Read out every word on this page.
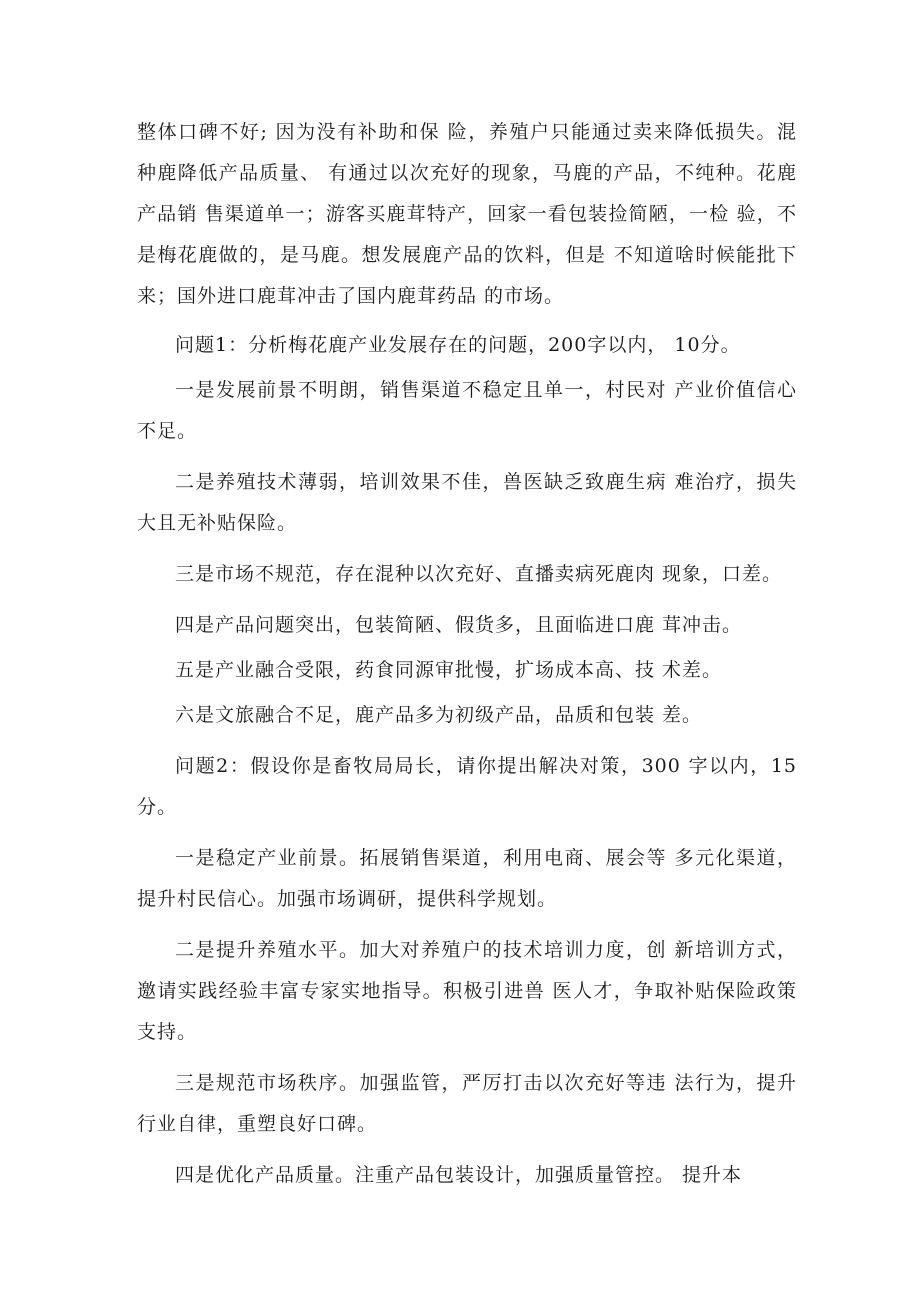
整体口碑不好; 因为没有补助和保 险，养殖户只能通过卖来降低损失。混种鹿降低产品质量、 有通过以次充好的现象，马鹿的产品，不纯种。花鹿产品销 售渠道单一；游客买鹿茸特产，回家一看包装捡简陋，一检 验，不是梅花鹿做的，是马鹿。想发展鹿产品的饮料，但是 不知道啥时候能批下来；国外进口鹿茸冲击了国内鹿茸药品 的市场。

问题1：分析梅花鹿产业发展存在的问题，200字以内， 10分。

一是发展前景不明朗，销售渠道不稳定且单一，村民对 产业价值信心不足。

二是养殖技术薄弱，培训效果不佳，兽医缺乏致鹿生病 难治疗，损失大且无补贴保险。

三是市场不规范，存在混种以次充好、直播卖病死鹿肉 现象，口差。

四是产品问题突出，包装简陋、假货多，且面临进口鹿 茸冲击。

五是产业融合受限，药食同源审批慢，扩场成本高、技 术差。

六是文旅融合不足，鹿产品多为初级产品，品质和包装 差。

问题2：假设你是畜牧局局长，请你提出解决对策，300 字以内，15分。

一是稳定产业前景。拓展销售渠道，利用电商、展会等 多元化渠道，提升村民信心。加强市场调研，提供科学规划。

二是提升养殖水平。加大对养殖户的技术培训力度，创 新培训方式，邀请实践经验丰富专家实地指导。积极引进兽 医人才，争取补贴保险政策支持。

三是规范市场秩序。加强监管，严厉打击以次充好等违 法行为，提升行业自律，重塑良好口碑。

四是优化产品质量。注重产品包装设计，加强质量管控。 提升本
